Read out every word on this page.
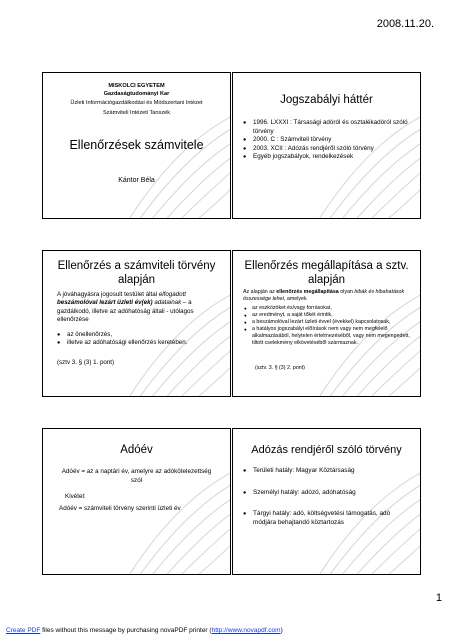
2008.11.20.
MISKOLCI EGYETEM
Gazdaságtudományi Kar
Üzleti Információgazdálkodási és Módszertani Intézet
Számviteli Intézeti Tanszék
Ellenőrzések számvitele
Kántor Béla
Jogszabályi háttér
● 1996. LXXXI : Társasági adóról és osztalékadóról szóló törvény
● 2000. C : Számviteli törvény
● 2003. XCII : Adózás rendjéről szóló törvény
● Egyéb jogszabályok, rendelkezések
Ellenőrzés a számviteli törvény alapján
A jóváhagyásra jogosult testület által elfogadott beszámolóval lezárt üzleti év(ek) adatainak – a gazdálkodó, illetve az adóhatóság általi - utólagos ellenőrzése
● az önellenőrzés,
● illetve az adóhatósági ellenőrzés keretében.
(sztv 3. § (3) 1. pont)
Ellenőrzés megállapítása a sztv. alapján
Az alapján az ellenőrzés megállapítása olyan hibák és hibahatások összessége lehet, amelyek
● az eszközöket és/vagy forrásokat,
● az eredményt, a saját tőkét érintik,
● a beszámolóval lezárt üzleti évvel (évekkel) kapcsolatosak,
● a hatályos jogszabályi előírások nem vagy nem megfelelő alkalmazásából, helytelen értelmezéséből, vagy nem megengedett, tiltott cselekmény elkövetéséből származnak.
(sztv. 3. § (3) 2. pont)
Adóév
Adóév = az a naptári év, amelyre az adókötelezettség szól
Kivétel:
Adóév = számviteli törvény szerinti üzleti év
Adózás rendjéről szóló törvény
● Területi hatály: Magyar Köztársaság
● Személyi hatály: adózó, adóhatóság
● Tárgyi hatály: adó, költségvetési támogatás, adó módjára behajtandó köztartozás
1
Create PDF files without this message by purchasing novaPDF printer (http://www.novapdf.com)
